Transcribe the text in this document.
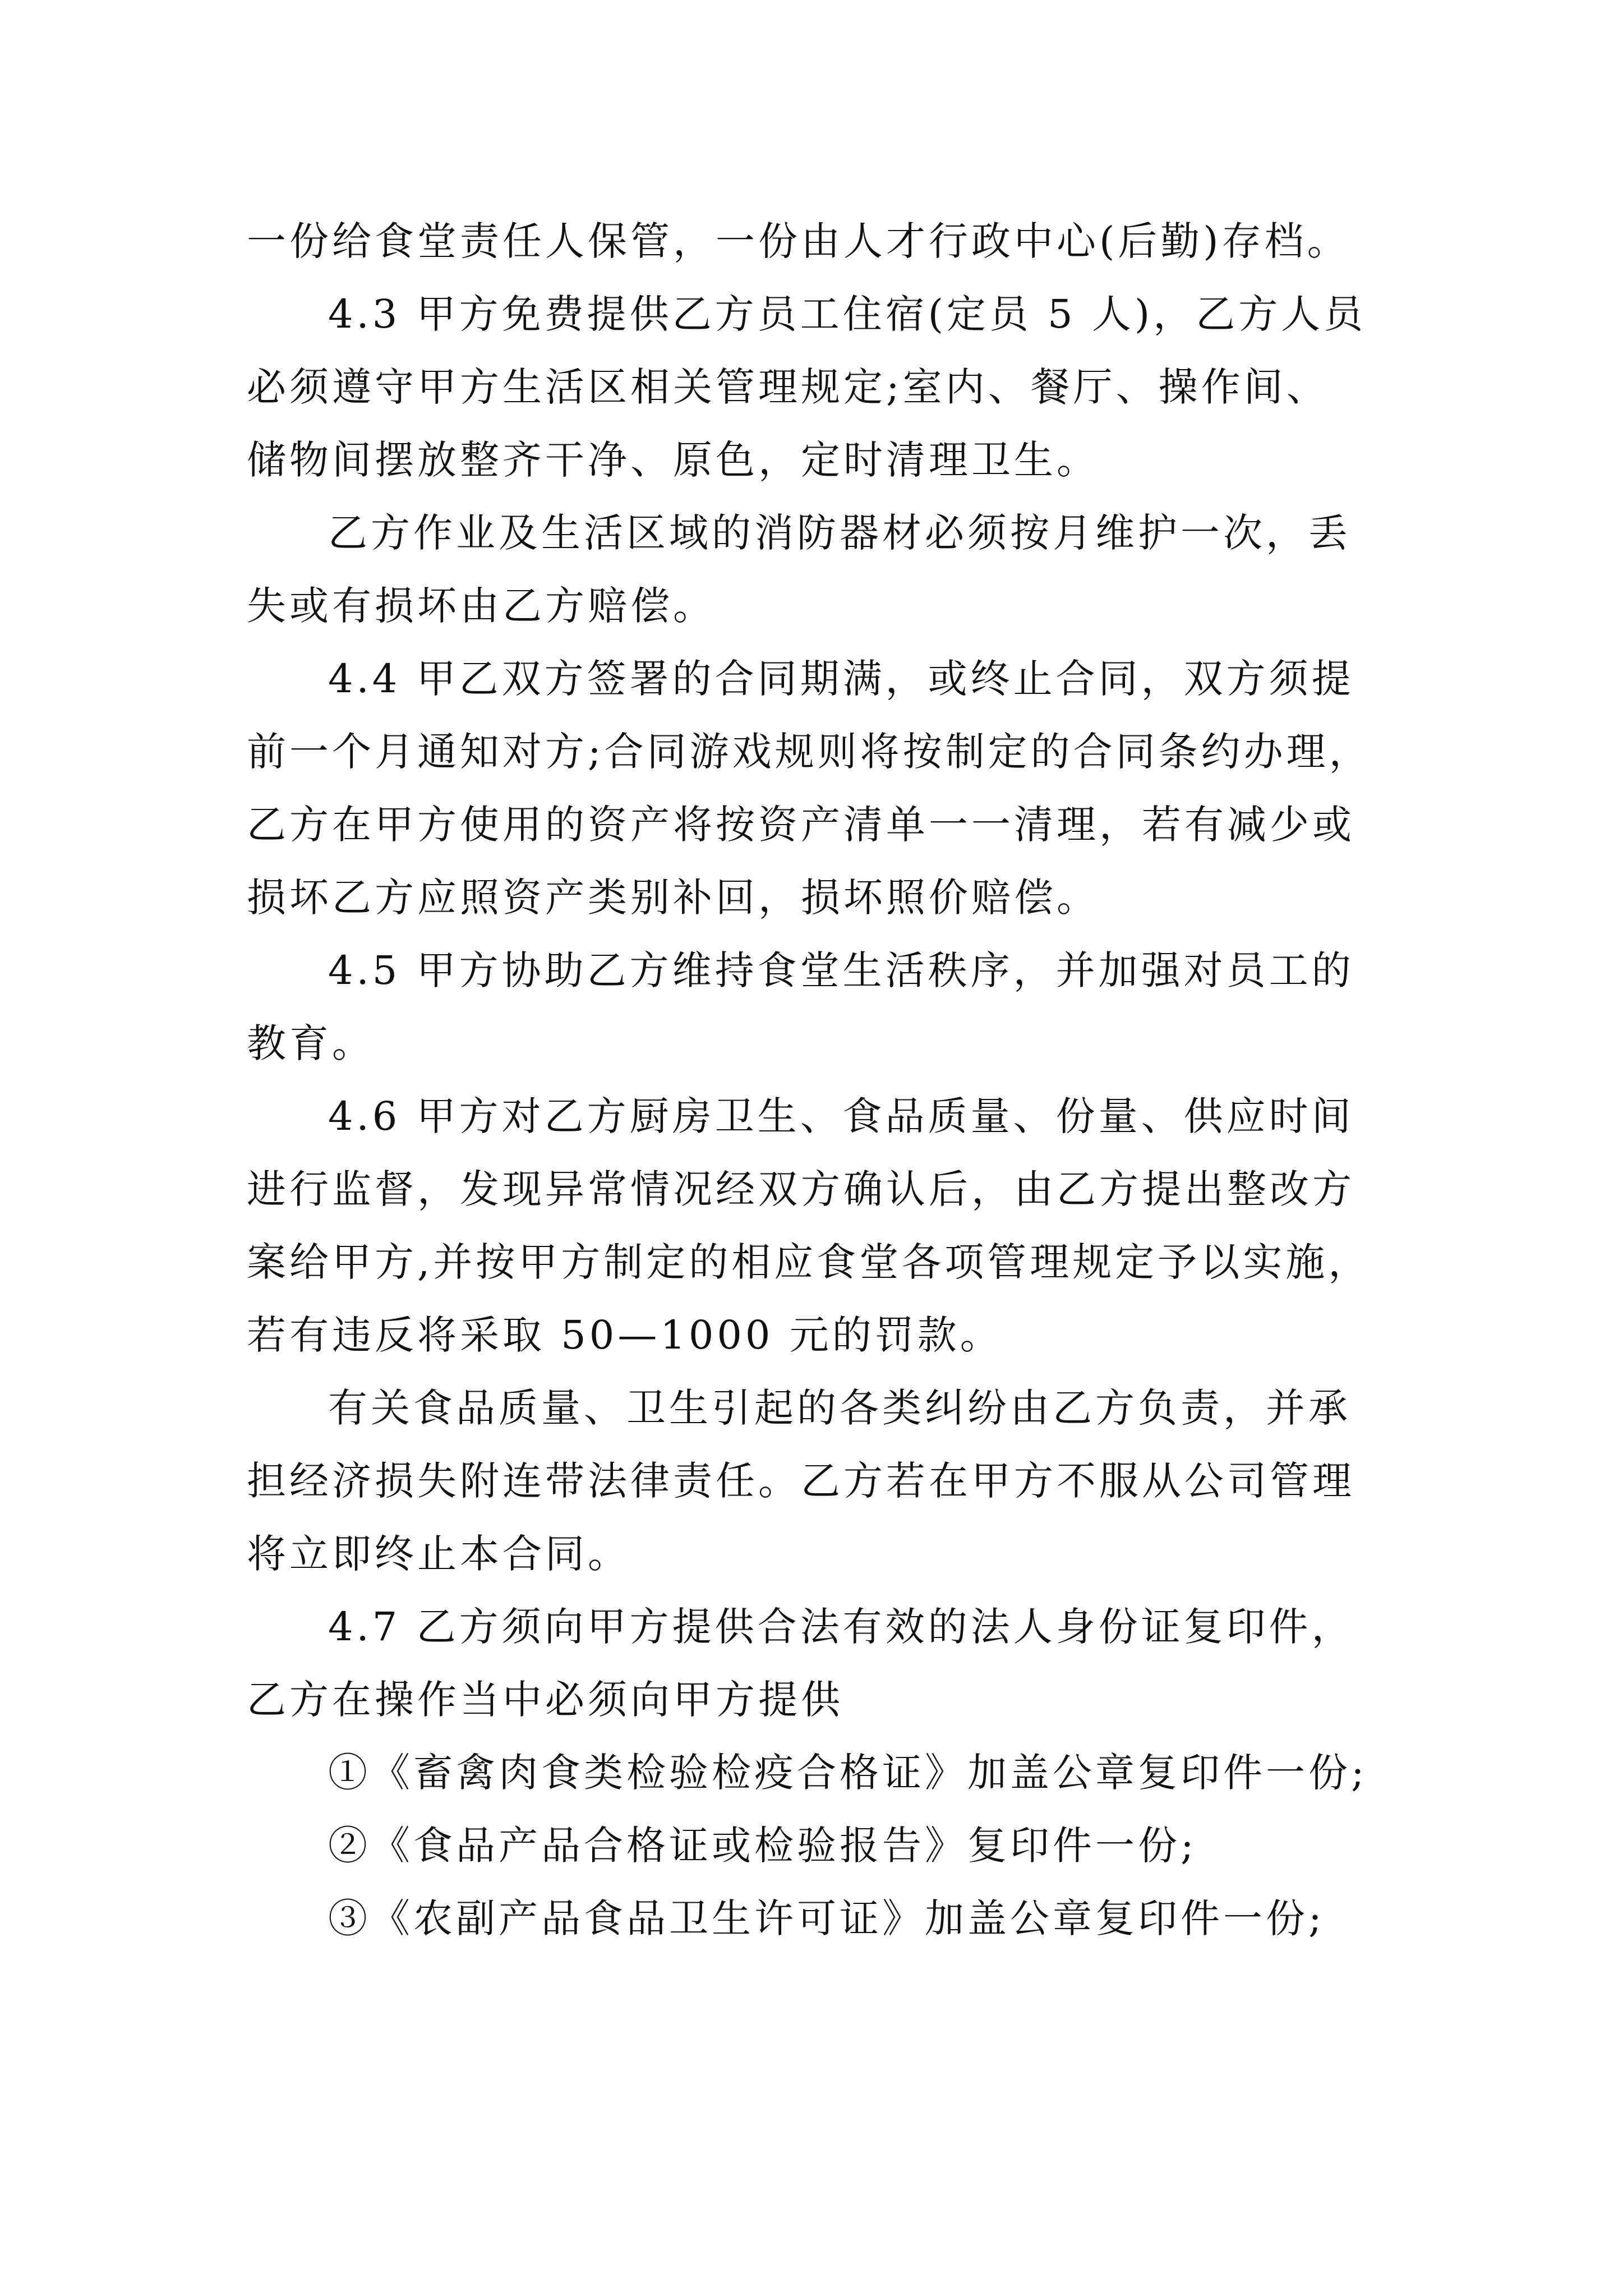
一份给食堂责任人保管，一份由人才行政中心(后勤)存档。
4.3 甲方免费提供乙方员工住宿(定员 5 人)，乙方人员
必须遵守甲方生活区相关管理规定;室内、餐厅、操作间、
储物间摆放整齐干净、原色，定时清理卫生。
乙方作业及生活区域的消防器材必须按月维护一次，丢
失或有损坏由乙方赔偿。
4.4 甲乙双方签署的合同期满，或终止合同，双方须提
前一个月通知对方;合同游戏规则将按制定的合同条约办理，
乙方在甲方使用的资产将按资产清单一一清理，若有减少或
损坏乙方应照资产类别补回，损坏照价赔偿。
4.5 甲方协助乙方维持食堂生活秩序，并加强对员工的
教育。
4.6 甲方对乙方厨房卫生、食品质量、份量、供应时间
进行监督，发现异常情况经双方确认后，由乙方提出整改方
案给甲方,并按甲方制定的相应食堂各项管理规定予以实施，
若有违反将采取 50—1000 元的罚款。
有关食品质量、卫生引起的各类纠纷由乙方负责，并承
担经济损失附连带法律责任。乙方若在甲方不服从公司管理
将立即终止本合同。
4.7 乙方须向甲方提供合法有效的法人身份证复印件，
乙方在操作当中必须向甲方提供
①《畜禽肉食类检验检疫合格证》加盖公章复印件一份;
②《食品产品合格证或检验报告》复印件一份;
③《农副产品食品卫生许可证》加盖公章复印件一份;
